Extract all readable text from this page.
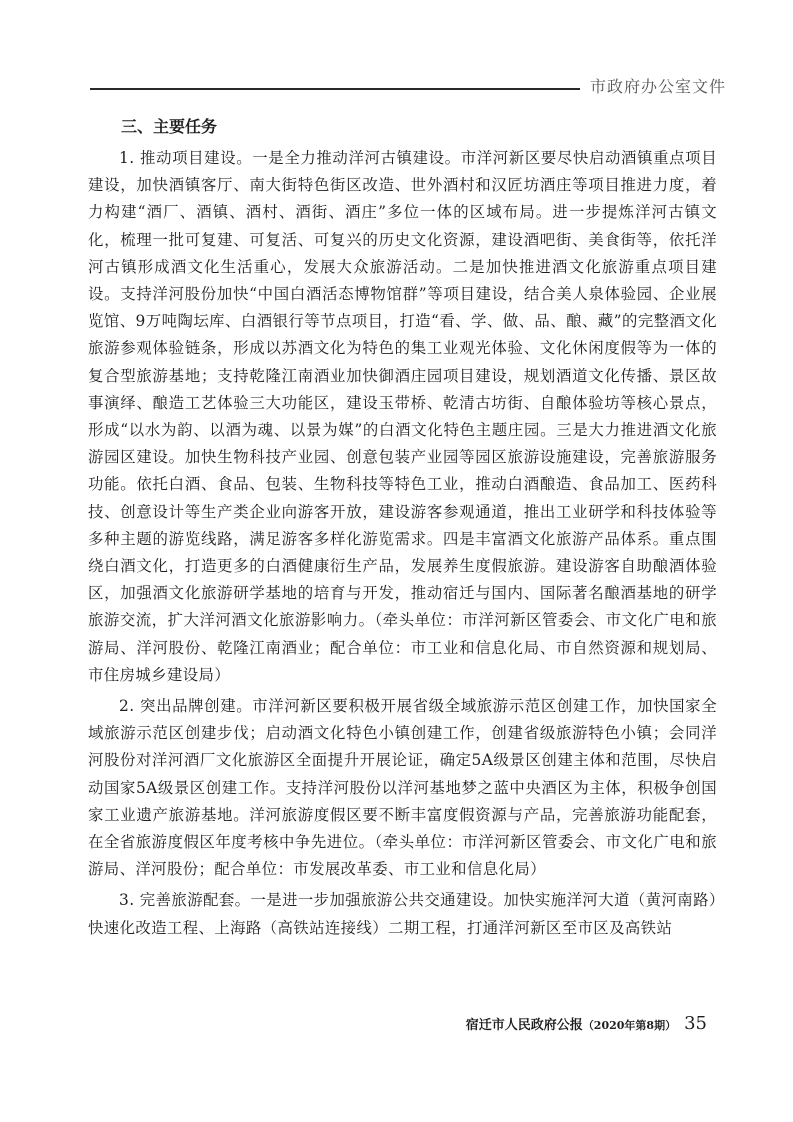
市政府办公室文件
三、主要任务

1. 推动项目建设。一是全力推动洋河古镇建设。市洋河新区要尽快启动酒镇重点项目建设，加快酒镇客厅、南大街特色街区改造、世外酒村和汉匠坊酒庄等项目推进力度，着力构建“酒厂、酒镇、酒村、酒街、酒庄”多位一体的区域布局。进一步提炼洋河古镇文化，梳理一批可复建、可复活、可复兴的历史文化资源，建设酒吧街、美食街等，依托洋河古镇形成酒文化生活重心，发展大众旅游活动。二是加快推进酒文化旅游重点项目建设。支持洋河股份加快“中国白酒活态博物馆群”等项目建设，结合美人泉体验园、企业展览馆、9万吨陶坛库、白酒银行等节点项目，打造“看、学、做、品、酿、藏”的完整酒文化旅游参观体验链条，形成以苏酒文化为特色的集工业观光体验、文化休闲度假等为一体的复合型旅游基地；支持乾隆江南酒业加快御酒庄园项目建设，规划酒道文化传播、景区故事演绎、酿造工艺体验三大功能区，建设玉带桥、乾清古坊街、自酿体验坊等核心景点，形成“以水为韵、以酒为魂、以景为媒”的白酒文化特色主题庄园。三是大力推进酒文化旅游园区建设。加快生物科技产业园、创意包装产业园等园区旅游设施建设，完善旅游服务功能。依托白酒、食品、包装、生物科技等特色工业，推动白酒酿造、食品加工、医药科技、创意设计等生产类企业向游客开放，建设游客参观通道，推出工业研学和科技体验等多种主题的游览线路，满足游客多样化游览需求。四是丰富酒文化旅游产品体系。重点围绕白酒文化，打造更多的白酒健康衍生产品，发展养生度假旅游。建设游客自助酿酒体验区，加强酒文化旅游研学基地的培育与开发，推动宿迁与国内、国际著名酿酒基地的研学旅游交流，扩大洋河酒文化旅游影响力。（牵头单位：市洋河新区管委会、市文化广电和旅游局、洋河股份、乾隆江南酒业；配合单位：市工业和信息化局、市自然资源和规划局、市住房城乡建设局）

2. 突出品牌创建。市洋河新区要积极开展省级全域旅游示范区创建工作，加快国家全域旅游示范区创建步伐；启动酒文化特色小镇创建工作，创建省级旅游特色小镇；会同洋河股份对洋河酒厂文化旅游区全面提升开展论证，确定5A级景区创建主体和范围，尽快启动国家5A级景区创建工作。支持洋河股份以洋河基地梦之蓝中央酒区为主体，积极争创国家工业遗产旅游基地。洋河旅游度假区要不断丰富度假资源与产品，完善旅游功能配套，在全省旅游度假区年度考核中争先进位。（牵头单位：市洋河新区管委会、市文化广电和旅游局、洋河股份；配合单位：市发展改革委、市工业和信息化局）

3. 完善旅游配套。一是进一步加强旅游公共交通建设。加快实施洋河大道（黄河南路）快速化改造工程、上海路（高铁站连接线）二期工程，打通洋河新区至市区及高铁站

宿迁市人民政府公报 （2020年第8期） 35
